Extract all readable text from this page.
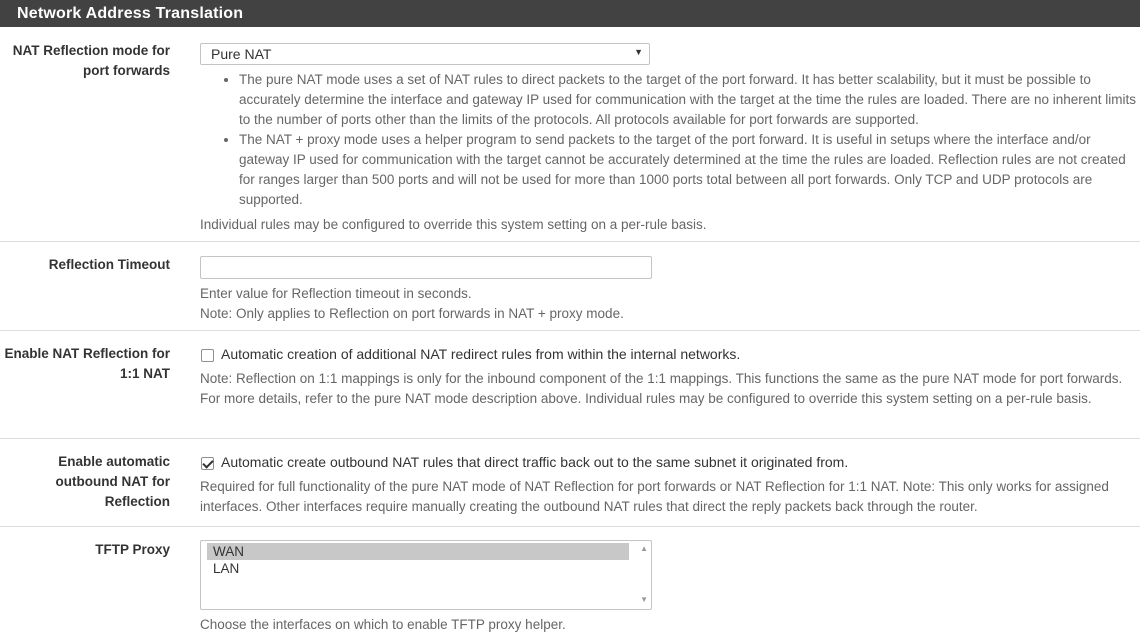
Network Address Translation
NAT Reflection mode for port forwards
Pure NAT	▼
• The pure NAT mode uses a set of NAT rules to direct packets to the target of the port forward. It has better scalability, but it must be possible to accurately determine the interface and gateway IP used for communication with the target at the time the rules are loaded. There are no inherent limits to the number of ports other than the limits of the protocols. All protocols available for port forwards are supported.
• The NAT + proxy mode uses a helper program to send packets to the target of the port forward. It is useful in setups where the interface and/or gateway IP used for communication with the target cannot be accurately determined at the time the rules are loaded. Reflection rules are not created for ranges larger than 500 ports and will not be used for more than 1000 ports total between all port forwards. Only TCP and UDP protocols are supported.
Individual rules may be configured to override this system setting on a per-rule basis.
Reflection Timeout
Enter value for Reflection timeout in seconds.
Note: Only applies to Reflection on port forwards in NAT + proxy mode.
Enable NAT Reflection for
1:1 NAT
Automatic creation of additional NAT redirect rules from within the internal networks.
Note: Reflection on 1:1 mappings is only for the inbound component of the 1:1 mappings. This functions the same as the pure NAT mode for port forwards. For more details, refer to the pure NAT mode description above. Individual rules may be configured to override this system setting on a per-rule basis.
Enable automatic
outbound NAT for
Reflection
Automatic create outbound NAT rules that direct traffic back out to the same subnet it originated from.
Required for full functionality of the pure NAT mode of NAT Reflection for port forwards or NAT Reflection for 1:1 NAT. Note: This only works for assigned interfaces. Other interfaces require manually creating the outbound NAT rules that direct the reply packets back through the router.
TFTP Proxy	WAN
LAN
▲
▼
Choose the interfaces on which to enable TFTP proxy helper.
